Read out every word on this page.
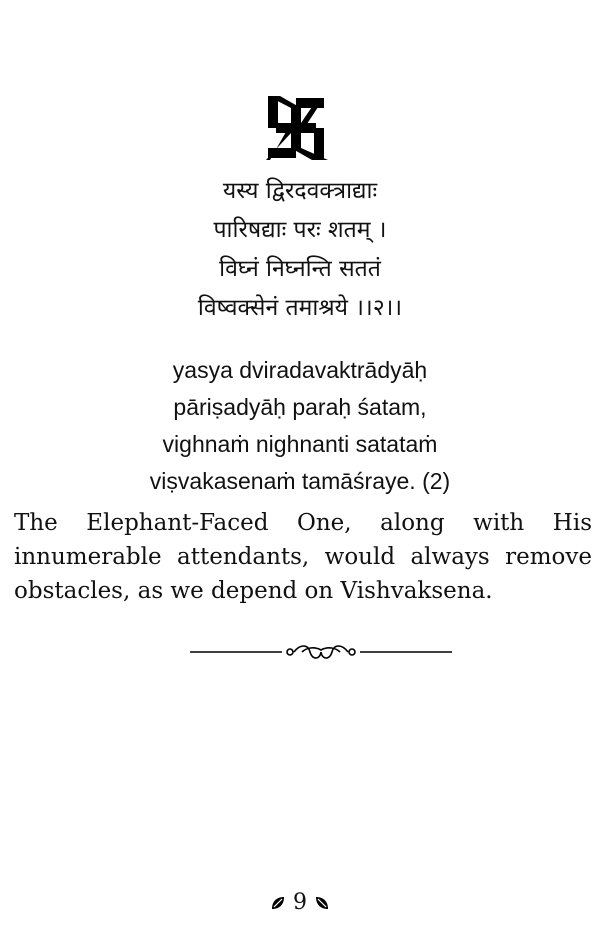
यस्य द्विरदवक्त्राद्याः
पारिषद्याः परः शतम् ।
विघ्नं निघ्नन्ति सततं
विष्वक्सेनं तमाश्रये ।।२।।
yasya dviradavaktrādyāḥ
pāriṣadyāḥ paraḥ śatam,
vighnaṁ nighnanti satataṁ
viṣvakasenaṁ tamāśraye. (2)
The Elephant-Faced One, along with His
innumerable attendants, would always remove
obstacles, as we depend on Vishvaksena.
9
